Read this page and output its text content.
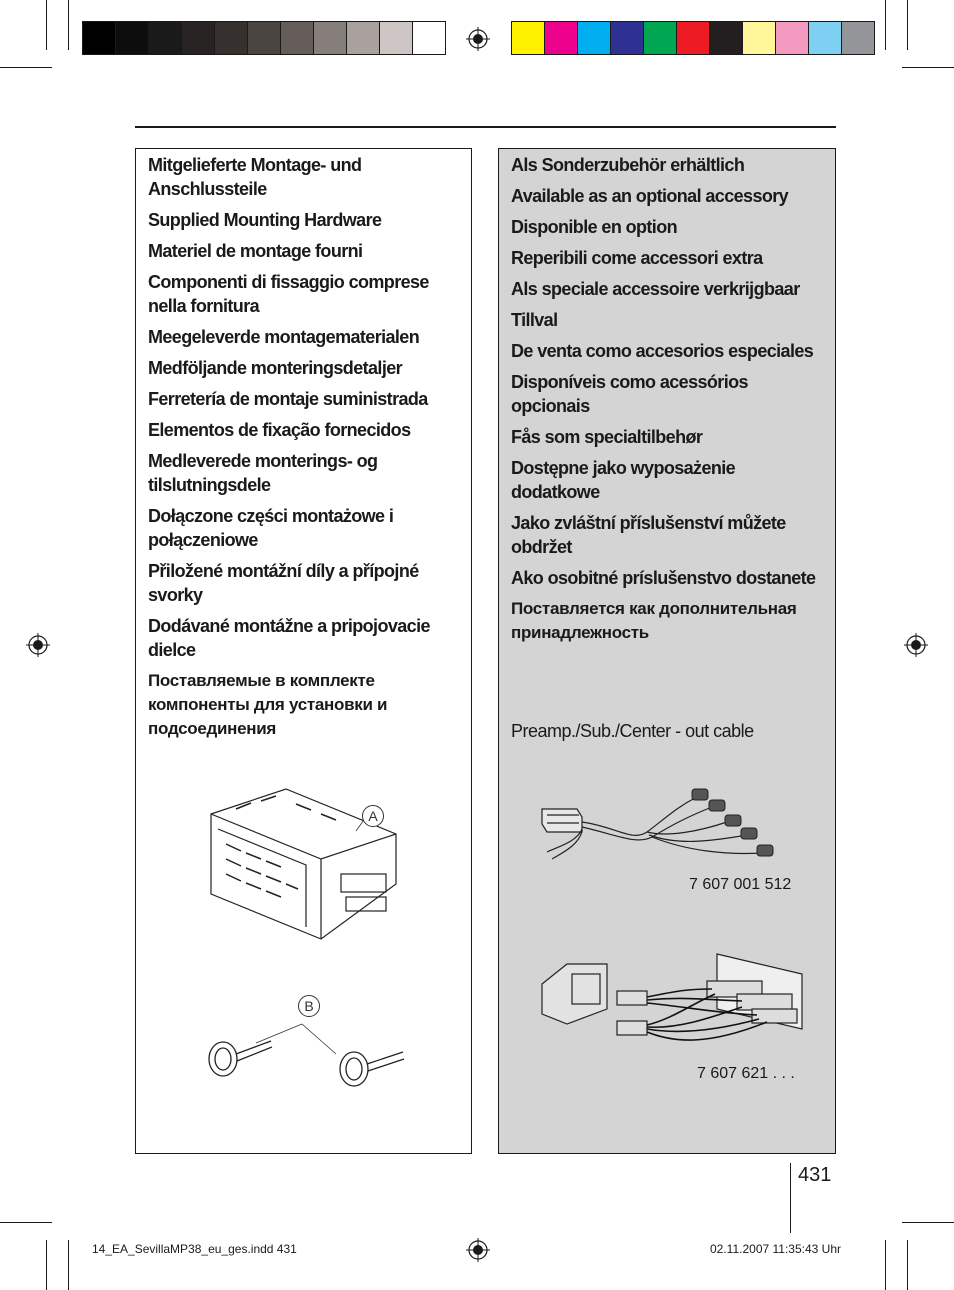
Mitgelieferte Montage- und Anschlussteile
Supplied Mounting Hardware
Materiel de montage fourni
Componenti di fissaggio comprese nella fornitura
Meegeleverde montagematerialen
Medföljande monteringsdetaljer
Ferretería de montaje suministrada
Elementos de fixação fornecidos
Medleverede monterings- og tilslutningsdele
Dołączone części montażowe i połączeniowe
Přiložené montážní díly a přípojné svorky
Dodávané montážne a pripojovacie dielce
Поставляемые в комплекте компоненты для установки и подсоединения
A
B
Als Sonderzubehör erhältlich
Available as an optional accessory
Disponible en option
Reperibili come accessori extra
Als speciale accessoire verkrijgbaar
Tillval
De venta como accesorios especiales
Disponíveis como acessórios opcionais
Fås som specialtilbehør
Dostępne jako wyposażenie dodatkowe
Jako zvláštní příslušenství můžete obdržet
Ako osobitné príslušenstvo dostanete
Поставляется как дополнительная принадлежность
Preamp./Sub./Center - out cable
7 607 001 512
7 607 621 . . .
431
14_EA_SevillaMP38_eu_ges.indd 431	02.11.2007 11:35:43 Uhr
